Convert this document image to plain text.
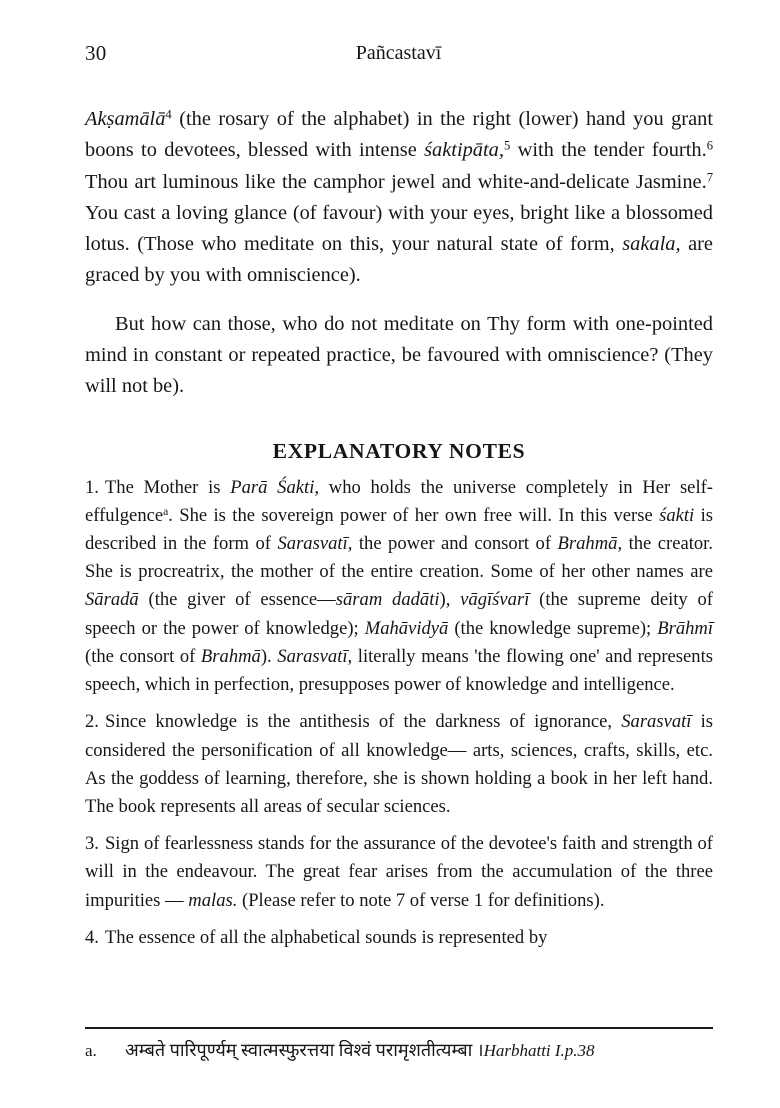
30	Pañcastavī

Akṣamālā$^4$ (the rosary of the alphabet) in the right (lower) hand you grant boons to devotees, blessed with intense śaktipāta,$^5$ with the tender fourth.$^6$ Thou art luminous like the camphor jewel and white-and-delicate Jasmine.$^7$ You cast a loving glance (of favour) with your eyes, bright like a blossomed lotus. (Those who meditate on this, your natural state of form, sakala, are graced by you with omniscience).

But how can those, who do not meditate on Thy form with one-pointed mind in constant or repeated practice, be favoured with omniscience? (They will not be).

EXPLANATORY NOTES

1. The Mother is Parā Śakti, who holds the universe completely in Her self-effulgence$^a$. She is the sovereign power of her own free will. In this verse śakti is described in the form of Sarasvatī, the power and consort of Brahmā, the creator. She is procreatrix, the mother of the entire creation. Some of her other names are Sāradā (the giver of essence—sāram dadāti), vāgīśvarī (the supreme deity of speech or the power of knowledge); Mahāvidyā (the knowledge supreme); Brāhmī (the consort of Brahmā). Sarasvatī, literally means 'the flowing one' and represents speech, which in perfection, presupposes power of knowledge and intelligence.

2. Since knowledge is the antithesis of the darkness of ignorance, Sarasvatī is considered the personification of all knowledge— arts, sciences, crafts, skills, etc. As the goddess of learning, therefore, she is shown holding a book in her left hand. The book represents all areas of secular sciences.

3. Sign of fearlessness stands for the assurance of the devotee's faith and strength of will in the endeavour. The great fear arises from the accumulation of the three impurities — malas. (Please refer to note 7 of verse 1 for definitions).

4. The essence of all the alphabetical sounds is represented by

a. अम्बते पारिपूर्ण्यम् स्वात्मस्फुरत्तया विश्वं परामृशतीत्यम्बा ।Harbhatti I.p.38
